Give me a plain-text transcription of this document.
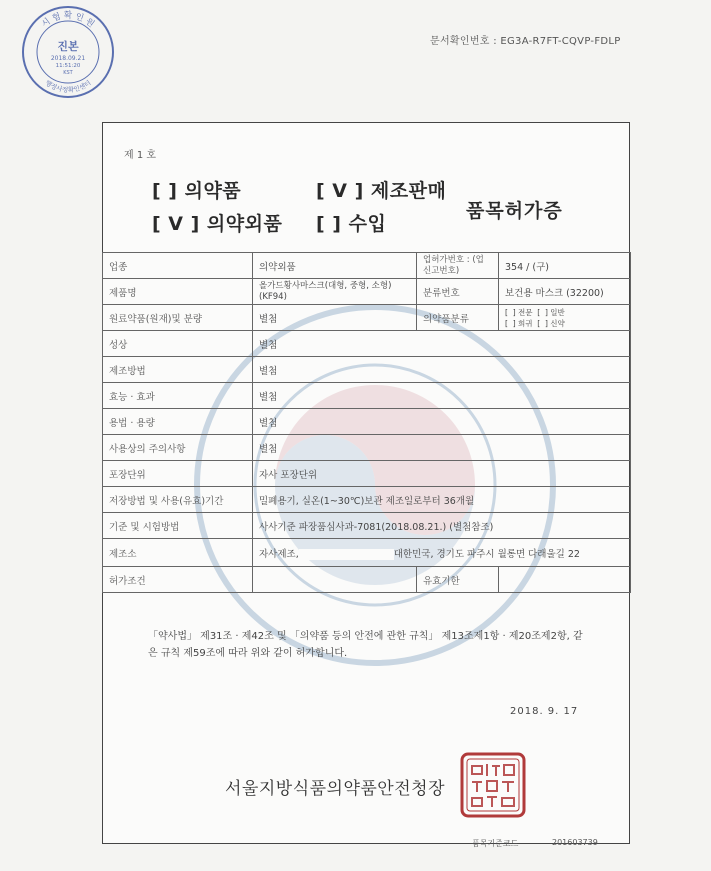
시 험 확 인 원
행정사정확인센터
진본
2018.09.21
11:51:20
KST
문서확인번호 : EG3A-R7FT-CQVP-FDLP
제 1 호
[ ] 의약품	[ V ] 제조판매
[ V ] 의약외품 [ ] 수입
품목허가증
업종	의약외품	업허가번호 : (업신고번호)	354 / (구)
제품명	올가드황사마스크(대형, 중형, 소형)(KF94)	분류번호	보건용 마스크 (32200)
원료약품(원재)및 분량	별첨	의약품분류	[  ] 전문  [  ] 일반
[  ] 희귀  [  ] 신약
성상	별첨		
제조방법	별첨		
효능 · 효과	별첨		
용법 · 용량	별첨		
사용상의 주의사항	별첨		
포장단위	자사 포장단위		
저장방법 및 사용(유효)기간	밀폐용기, 실온(1~30℃)보관 제조일로부터 36개월		
기준 및 시험방법	사사기준 파장품심사과-7081(2018.08.21.) (별첨참조)		
제조소	자사제조, 대한민국, 경기도 파주시 월롱면 다래울길 22		
허가조건		유효기한	
「약사법」 제31조 · 제42조 및 「의약품 등의 안전에 관한 규칙」 제13조제1항 · 제20조제2항, 같은 규칙 제59조에 따라 위와 같이 허가합니다.
2018. 9. 17
서울지방식품의약품안전청장
품목기준코드	201603739
